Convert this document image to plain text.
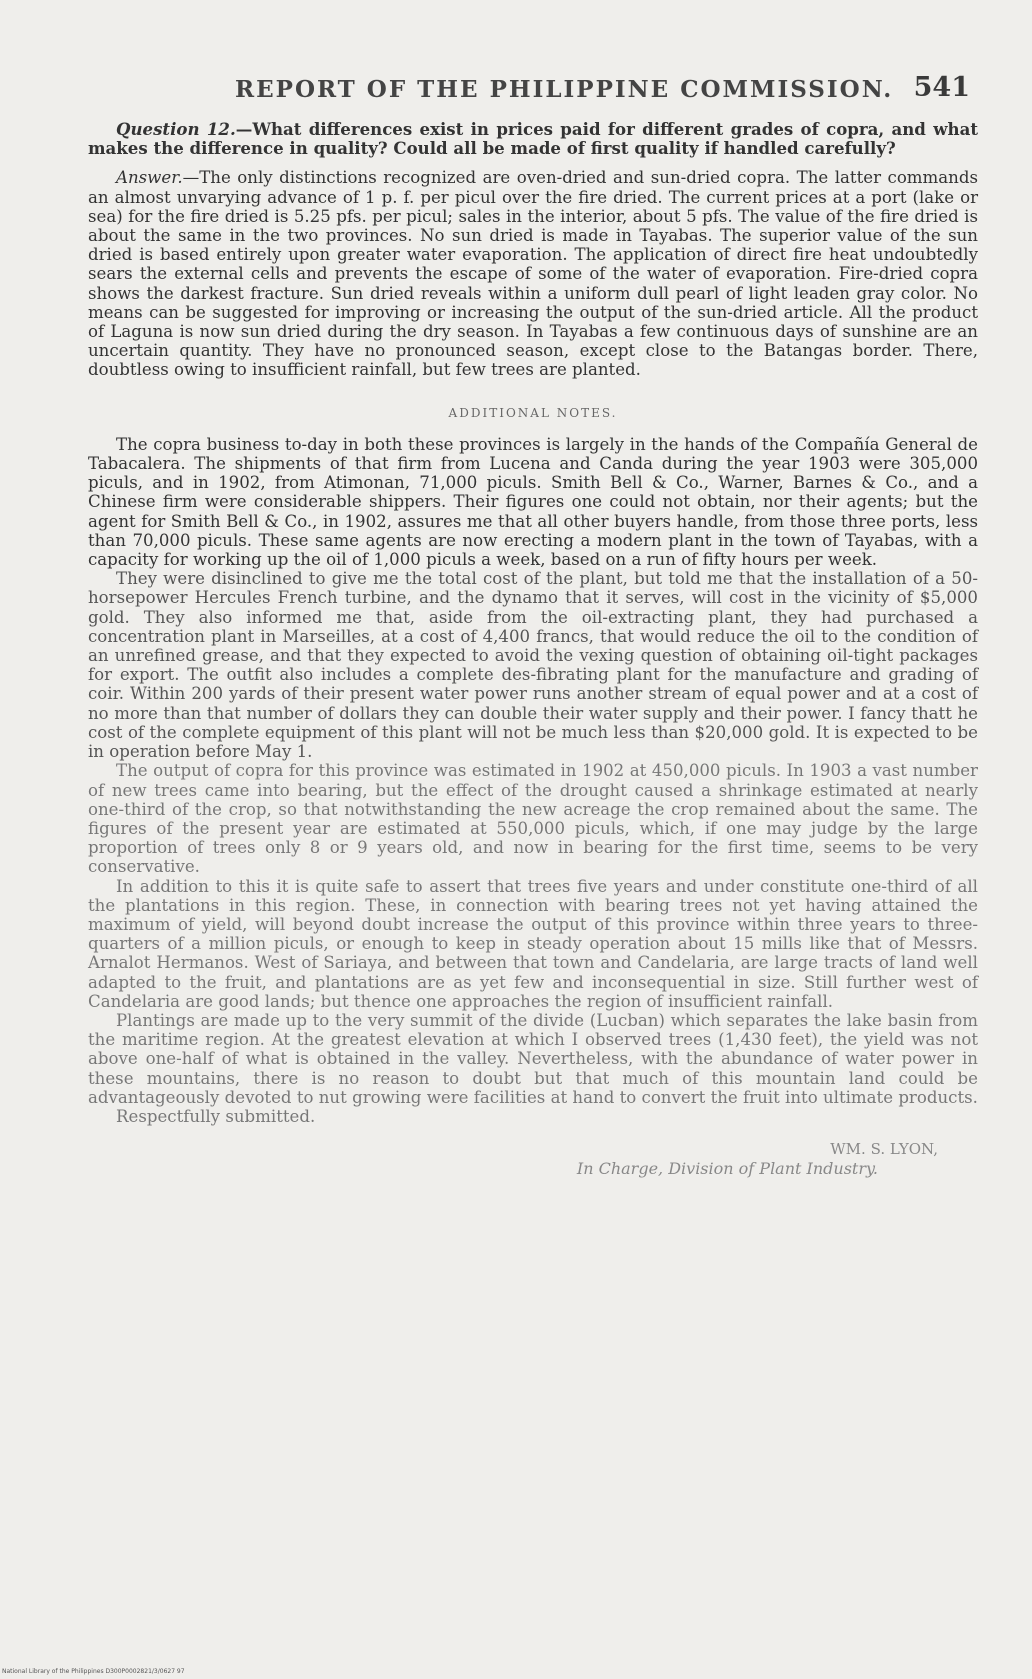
REPORT OF THE PHILIPPINE COMMISSION. 541

Question 12.—What differences exist in prices paid for different grades of copra, and what makes the difference in quality? Could all be made of first quality if handled carefully?

Answer.—The only distinctions recognized are oven-dried and sun-dried copra. The latter commands an almost unvarying advance of 1 p. f. per picul over the fire dried. The current prices at a port (lake or sea) for the fire dried is 5.25 pfs. per picul; sales in the interior, about 5 pfs. The value of the fire dried is about the same in the two provinces. No sun dried is made in Tayabas. The superior value of the sun dried is based entirely upon greater water evaporation. The application of direct fire heat undoubtedly sears the external cells and prevents the escape of some of the water of evaporation. Fire-dried copra shows the darkest fracture. Sun dried reveals within a uniform dull pearl of light leaden gray color. No means can be suggested for improving or increasing the output of the sun-dried article. All the product of Laguna is now sun dried during the dry season. In Tayabas a few continuous days of sunshine are an uncertain quantity. They have no pronounced season, except close to the Batangas border. There, doubtless owing to insufficient rainfall, but few trees are planted.

ADDITIONAL NOTES.

The copra business to-day in both these provinces is largely in the hands of the Compañía General de Tabacalera. The shipments of that firm from Lucena and Canda during the year 1903 were 305,000 piculs, and in 1902, from Atimonan, 71,000 piculs. Smith Bell & Co., Warner, Barnes & Co., and a Chinese firm were considerable shippers. Their figures one could not obtain, nor their agents; but the agent for Smith Bell & Co., in 1902, assures me that all other buyers handle, from those three ports, less than 70,000 piculs. These same agents are now erecting a modern plant in the town of Tayabas, with a capacity for working up the oil of 1,000 piculs a week, based on a run of fifty hours per week.

They were disinclined to give me the total cost of the plant, but told me that the installation of a 50-horsepower Hercules French turbine, and the dynamo that it serves, will cost in the vicinity of $5,000 gold. They also informed me that, aside from the oil-extracting plant, they had purchased a concentration plant in Marseilles, at a cost of 4,400 francs, that would reduce the oil to the condition of an unrefined grease, and that they expected to avoid the vexing question of obtaining oil-tight packages for export. The outfit also includes a complete des-fibrating plant for the manufacture and grading of coir. Within 200 yards of their present water power runs another stream of equal power and at a cost of no more than that number of dollars they can double their water supply and their power. I fancy thatt he cost of the complete equipment of this plant will not be much less than $20,000 gold. It is expected to be in operation before May 1.

The output of copra for this province was estimated in 1902 at 450,000 piculs. In 1903 a vast number of new trees came into bearing, but the effect of the drought caused a shrinkage estimated at nearly one-third of the crop, so that notwithstanding the new acreage the crop remained about the same. The figures of the present year are estimated at 550,000 piculs, which, if one may judge by the large proportion of trees only 8 or 9 years old, and now in bearing for the first time, seems to be very conservative.

In addition to this it is quite safe to assert that trees five years and under constitute one-third of all the plantations in this region. These, in connection with bearing trees not yet having attained the maximum of yield, will beyond doubt increase the output of this province within three years to three-quarters of a million piculs, or enough to keep in steady operation about 15 mills like that of Messrs. Arnalot Hermanos. West of Sariaya, and between that town and Candelaria, are large tracts of land well adapted to the fruit, and plantations are as yet few and inconsequential in size. Still further west of Candelaria are good lands; but thence one approaches the region of insufficient rainfall.

Plantings are made up to the very summit of the divide (Lucban) which separates the lake basin from the maritime region. At the greatest elevation at which I observed trees (1,430 feet), the yield was not above one-half of what is obtained in the valley. Nevertheless, with the abundance of water power in these mountains, there is no reason to doubt but that much of this mountain land could be advantageously devoted to nut growing were facilities at hand to convert the fruit into ultimate products.

Respectfully submitted.

WM. S. LYON,
In Charge, Division of Plant Industry.
National Library of the Philippines D300P0002821/3/0627 97
